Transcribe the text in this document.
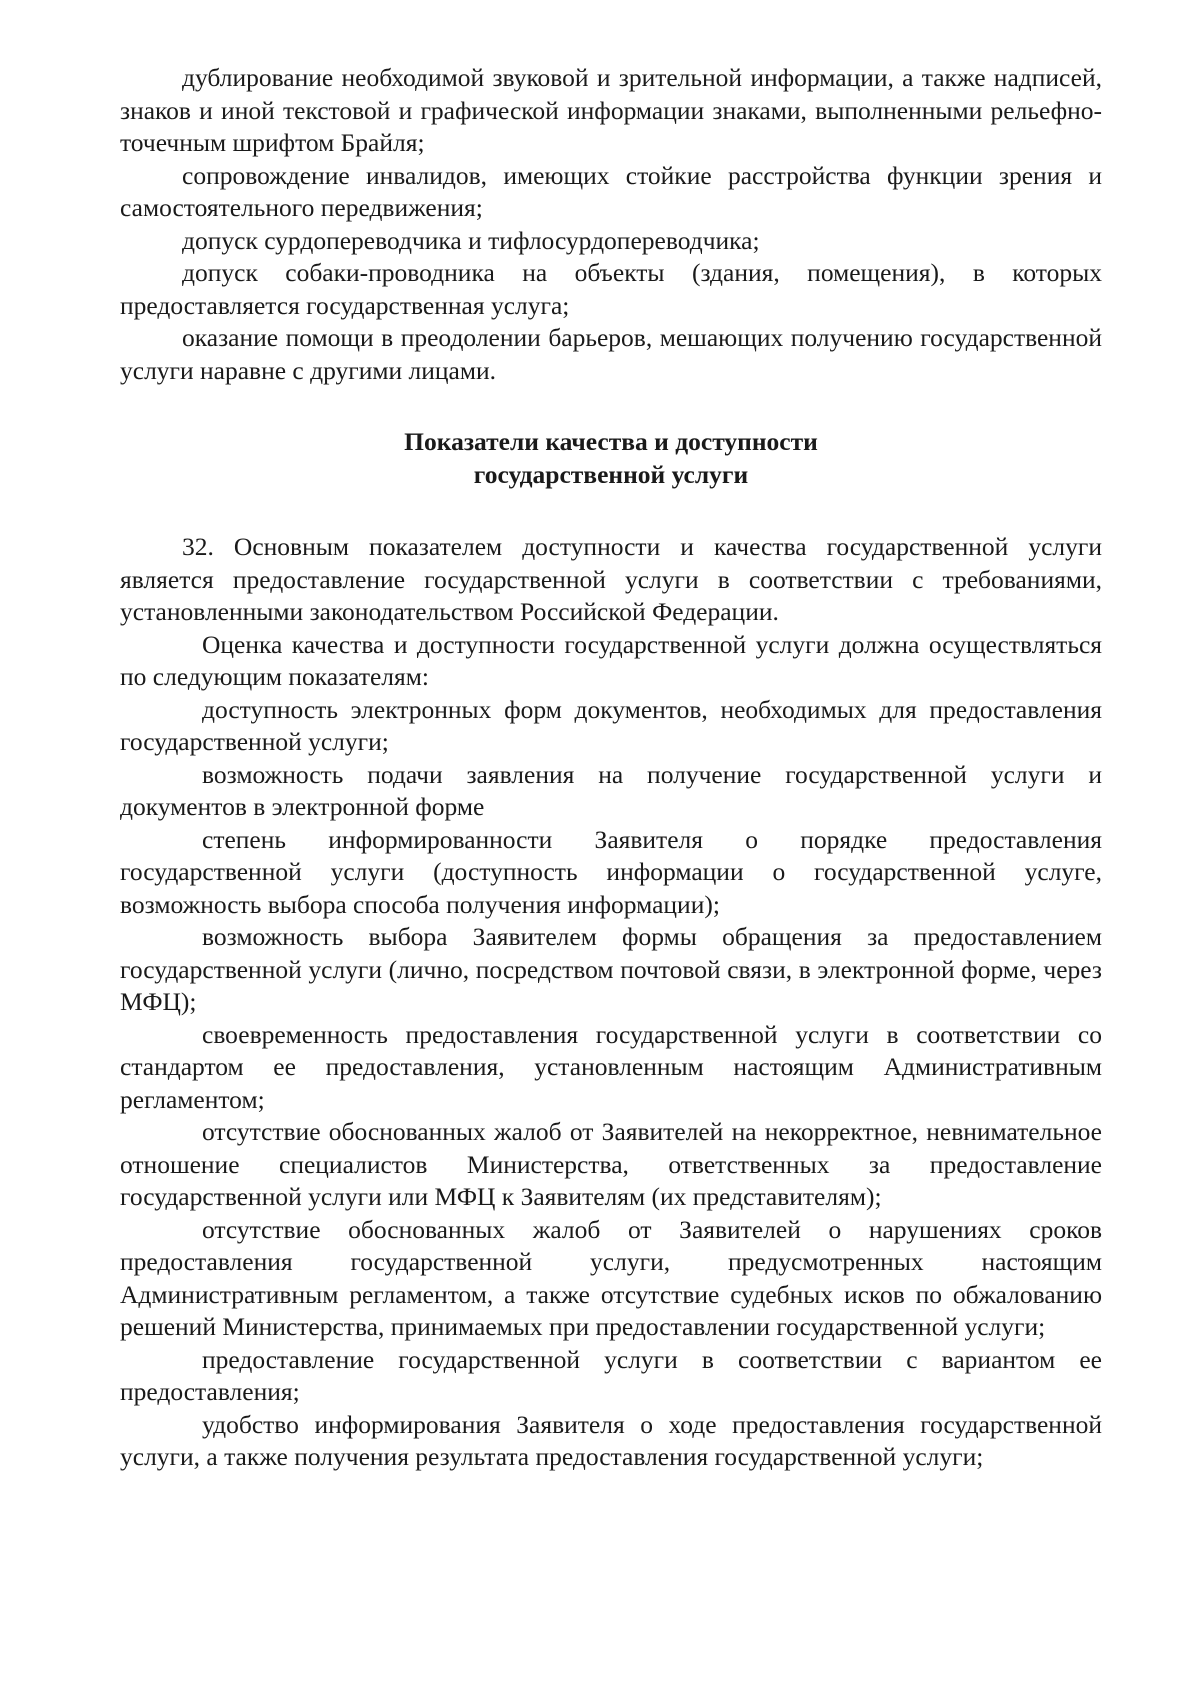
дублирование необходимой звуковой и зрительной информации, а также надписей, знаков и иной текстовой и графической информации знаками, выполненными рельефно-точечным шрифтом Брайля;

сопровождение инвалидов, имеющих стойкие расстройства функции зрения и самостоятельного передвижения;

допуск сурдопереводчика и тифлосурдопереводчика;

допуск собаки-проводника на объекты (здания, помещения), в которых предоставляется государственная услуга;

оказание помощи в преодолении барьеров, мешающих получению государственной услуги наравне с другими лицами.

Показатели качества и доступности
государственной услуги

32. Основным показателем доступности и качества государственной услуги является предоставление государственной услуги в соответствии с требованиями, установленными законодательством Российской Федерации.

Оценка качества и доступности государственной услуги должна осуществляться по следующим показателям:

доступность электронных форм документов, необходимых для предоставления государственной услуги;

возможность подачи заявления на получение государственной услуги и документов в электронной форме

степень информированности Заявителя о порядке предоставления государственной услуги (доступность информации о государственной услуге, возможность выбора способа получения информации);

возможность выбора Заявителем формы обращения за предоставлением государственной услуги (лично, посредством почтовой связи, в электронной форме, через МФЦ);

своевременность предоставления государственной услуги в соответствии со стандартом ее предоставления, установленным настоящим Административным регламентом;

отсутствие обоснованных жалоб от Заявителей на некорректное, невнимательное отношение специалистов Министерства, ответственных за предоставление государственной услуги или МФЦ к Заявителям (их представителям);

отсутствие обоснованных жалоб от Заявителей о нарушениях сроков предоставления государственной услуги, предусмотренных настоящим Административным регламентом, а также отсутствие судебных исков по обжалованию решений Министерства, принимаемых при предоставлении государственной услуги;

предоставление государственной услуги в соответствии с вариантом ее предоставления;

удобство информирования Заявителя о ходе предоставления государственной услуги, а также получения результата предоставления государственной услуги;
